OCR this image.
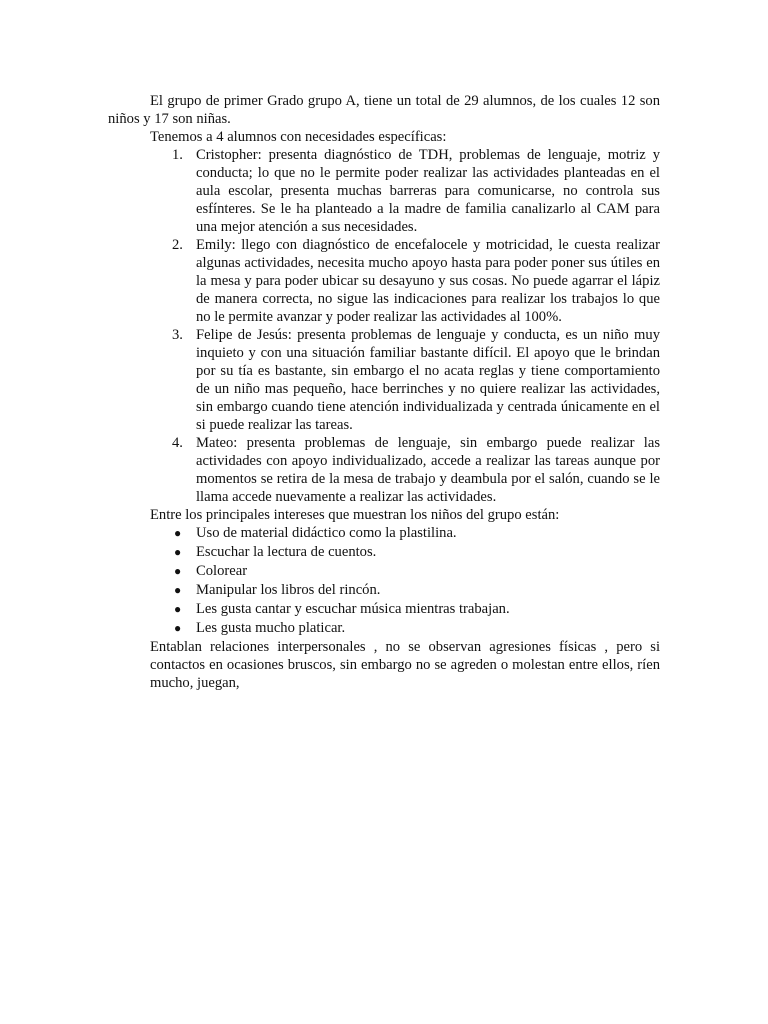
El grupo de primer Grado grupo A, tiene un total de 29 alumnos, de los cuales 12 son niños y 17 son niñas.

Tenemos a 4 alumnos con necesidades específicas:

1. Cristopher: presenta diagnóstico de TDH, problemas de lenguaje, motriz y conducta; lo que no le permite poder realizar las actividades planteadas en el aula escolar, presenta muchas barreras para comunicarse, no controla sus esfínteres. Se le ha planteado a la madre de familia canalizarlo al CAM para una mejor atención a sus necesidades.
2. Emily: llego con diagnóstico de encefalocele y motricidad, le cuesta realizar algunas actividades, necesita mucho apoyo hasta para poder poner sus útiles en la mesa y para poder ubicar su desayuno y sus cosas. No puede agarrar el lápiz de manera correcta, no sigue las indicaciones para realizar los trabajos lo que no le permite avanzar y poder realizar las actividades al 100%.
3. Felipe de Jesús: presenta problemas de lenguaje y conducta, es un niño muy inquieto y con una situación familiar bastante difícil. El apoyo que le brindan por su tía es bastante, sin embargo el no acata reglas y tiene comportamiento de un niño mas pequeño, hace berrinches y no quiere realizar las actividades, sin embargo cuando tiene atención individualizada y centrada únicamente en el si puede realizar las tareas.
4. Mateo: presenta problemas de lenguaje, sin embargo puede realizar las actividades con apoyo individualizado, accede a realizar las tareas aunque por momentos se retira de la mesa de trabajo y deambula por el salón, cuando se le llama accede nuevamente a realizar las actividades.

Entre los principales intereses que muestran los niños del grupo están:

● Uso de material didáctico como la plastilina.
● Escuchar la lectura de cuentos.
● Colorear
● Manipular los libros del rincón.
● Les gusta cantar y escuchar música mientras trabajan.
● Les gusta mucho platicar.

Entablan relaciones interpersonales , no se observan agresiones físicas , pero si contactos en ocasiones bruscos, sin embargo no se agreden o molestan entre ellos, ríen mucho, juegan,
